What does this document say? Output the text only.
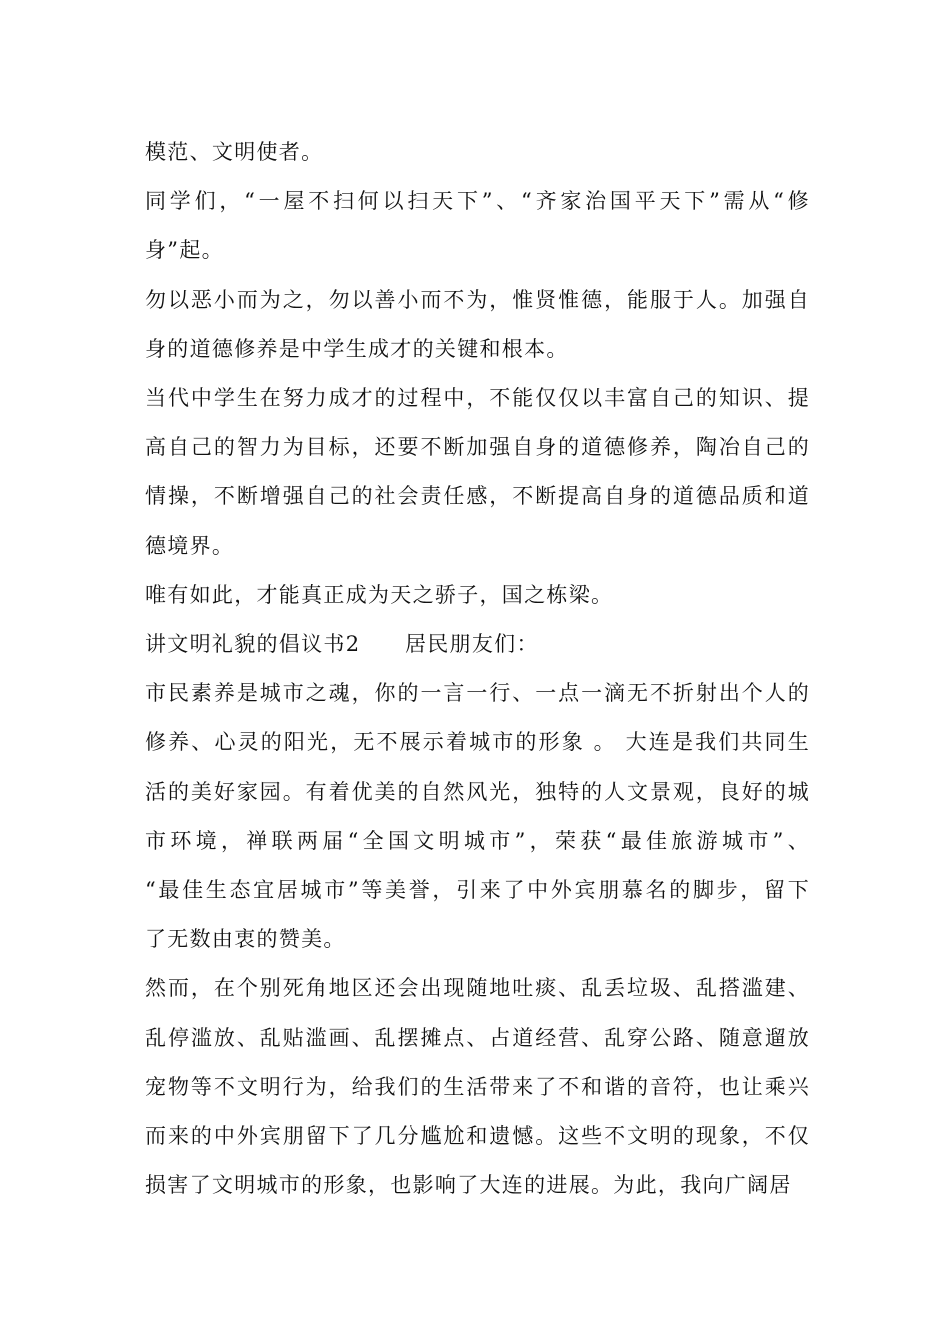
模范、文明使者。
同学们，“一屋不扫何以扫天下”、“齐家治国平天下”需从“修
身”起。
勿以恶小而为之，勿以善小而不为，惟贤惟德，能服于人。加强自
身的道德修养是中学生成才的关键和根本。
当代中学生在努力成才的过程中，不能仅仅以丰富自己的知识、提
高自己的智力为目标，还要不断加强自身的道德修养，陶冶自己的
情操，不断增强自己的社会责任感，不断提高自身的道德品质和道
德境界。
唯有如此，才能真正成为天之骄子，国之栋梁。
讲文明礼貌的倡议书2　　居民朋友们：
市民素养是城市之魂，你的一言一行、一点一滴无不折射出个人的
修养、心灵的阳光，无不展示着城市的形象 。 大连是我们共同生
活的美好家园。有着优美的自然风光，独特的人文景观，良好的城
市环境，禅联两届“全国文明城市”，荣获“最佳旅游城市”、
“最佳生态宜居城市”等美誉，引来了中外宾朋慕名的脚步，留下
了无数由衷的赞美。
然而，在个别死角地区还会出现随地吐痰、乱丢垃圾、乱搭滥建、
乱停滥放、乱贴滥画、乱摆摊点、占道经营、乱穿公路、随意遛放
宠物等不文明行为，给我们的生活带来了不和谐的音符，也让乘兴
而来的中外宾朋留下了几分尴尬和遗憾。这些不文明的现象，不仅
损害了文明城市的形象，也影响了大连的进展。为此，我向广阔居
